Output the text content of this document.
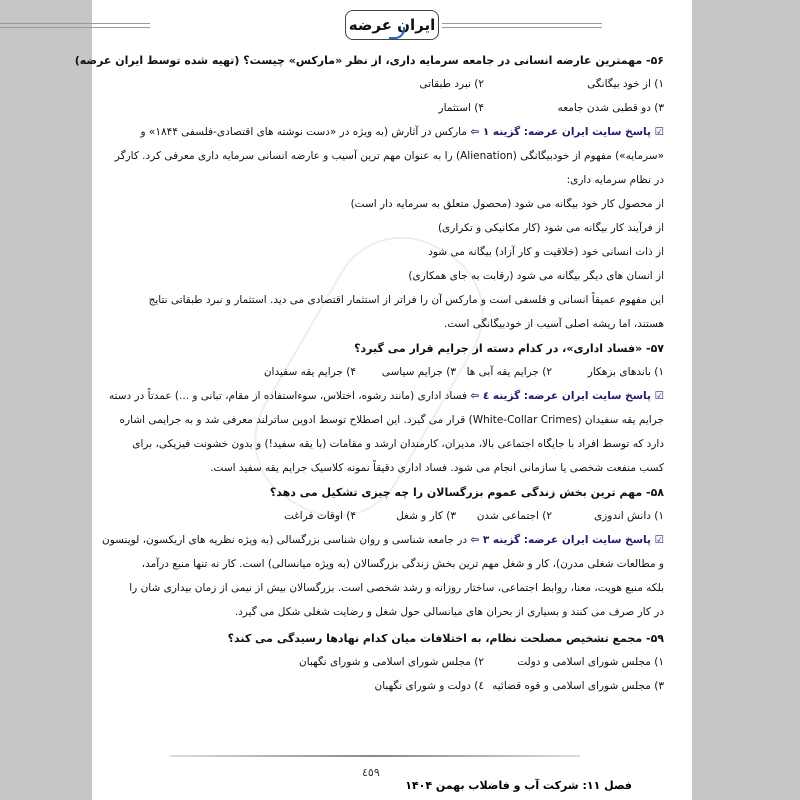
ایران عرضه
۵۶- مهمترین عارضه انسانی در جامعه سرمایه داری، از نظر «مارکس» چیست؟ (تهیه شده توسط ایران عرضه)
۱) از خود بیگانگی
۲) نبرد طبقاتی
۳) دو قطبی شدن جامعه
۴) استثمار
☑ پاسخ سایت ایران عرضه: گزینه ۱ ⇦ مارکس در آثارش (به ویژه در «دست نوشته های اقتصادی-فلسفی ۱۸۴۴» و
«سرمایه») مفهوم از خودبیگانگی (Alienation) را به عنوان مهم ترین آسیب و عارضه انسانی سرمایه داری معرفی کرد. کارگر
در نظام سرمایه داری:
از محصول کار خود بیگانه می شود (محصول متعلق به سرمایه دار است)
از فرآیند کار بیگانه می شود (کار مکانیکی و تکراری)
از ذات انسانی خود (خلاقیت و کار آزاد) بیگانه می شود
از انسان های دیگر بیگانه می شود (رقابت به جای همکاری)
این مفهوم عمیقاً انسانی و فلسفی است و مارکس آن را فراتر از استثمار اقتصادی می دید. استثمار و نبرد طبقاتی نتایج
هستند، اما ریشه اصلی آسیب از خودبیگانگی است.
۵۷- «فساد اداری»، در کدام دسته از جرایم قرار می گیرد؟
۱) باندهای بزهکار
۲) جرایم یقه آبی ها
۳) جرایم سیاسی
۴) جرایم یقه سفیدان
☑ پاسخ سایت ایران عرضه: گزینه ٤ ⇦ فساد اداری (مانند رشوه، اختلاس، سوءاستفاده از مقام، تبانی و ...) عمدتاً در دسته
جرایم یقه سفیدان (White-Collar Crimes) قرار می گیرد. این اصطلاح توسط ادوین ساترلند معرفی شد و به جرایمی اشاره
دارد که توسط افراد با جایگاه اجتماعی بالا، مدیران، کارمندان ارشد و مقامات (با یقه سفید!) و بدون خشونت فیزیکی، برای
کسب منفعت شخصی یا سازمانی انجام می شود. فساد اداری دقیقاً نمونه کلاسیک جرایم یقه سفید است.
۵۸- مهم ترین بخش زندگی عموم بزرگسالان را چه چیزی تشکیل می دهد؟
۱) دانش اندوزی
۲) اجتماعی شدن
۳) کار و شغل
۴) اوقات فراغت
☑ پاسخ سایت ایران عرضه: گزینه ۳ ⇦ در جامعه شناسی و روان شناسی بزرگسالی (به ویژه نظریه های اریکسون، لوینسون
و مطالعات شغلی مدرن)، کار و شغل مهم ترین بخش زندگی بزرگسالان (به ویژه میانسالی) است. کار نه تنها منبع درآمد،
بلکه منبع هویت، معنا، روابط اجتماعی، ساختار روزانه و رشد شخصی است. بزرگسالان بیش از نیمی از زمان بیداری شان را
در کار صرف می کنند و بسیاری از بحران های میانسالی حول شغل و رضایت شغلی شکل می گیرد.
۵۹- مجمع تشخیص مصلحت نظام، به اختلافات میان کدام نهادها رسیدگی می کند؟
۱) مجلس شورای اسلامی و دولت
۲) مجلس شورای اسلامی و شورای نگهبان
۳) مجلس شورای اسلامی و قوه قضائیه
٤) دولت و شورای نگهبان
٤٥٩
فصل ۱۱: شرکت آب و فاضلاب بهمن ۱۴۰۴
